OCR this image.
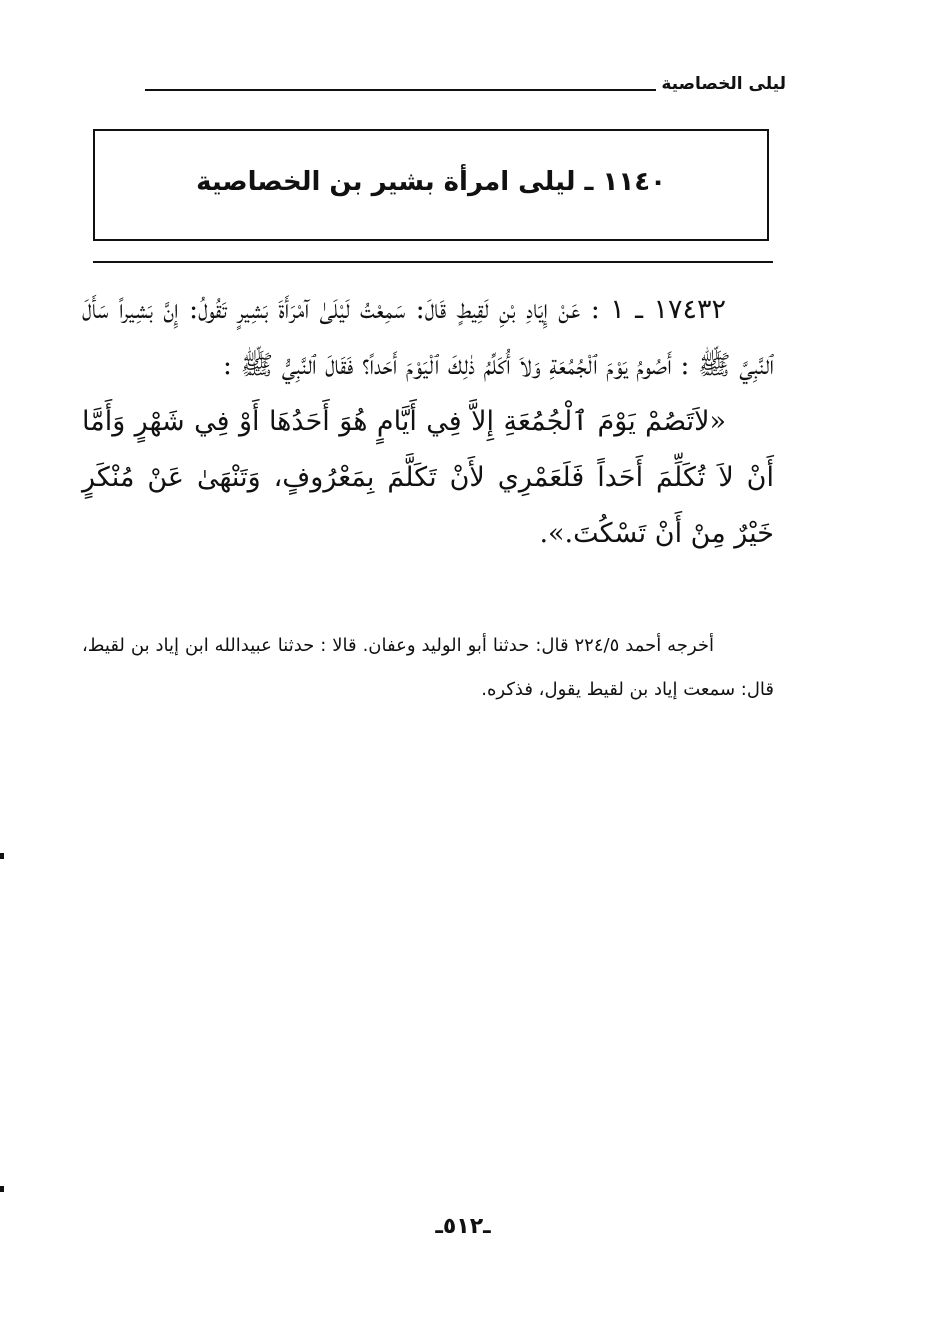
ليلى الخصاصية
١١٤٠ ـ ليلى امرأة بشير بن الخصاصية

١٧٤٣٢ ـ ١ : عَنْ إِيَادِ بْنِ لَقِيطٍ قَالَ: سَمِعْتُ لَيْلَىٰ آمْرَأَةَ بَشِيرٍ تَقُولُ: إِنَّ بَشِيراً سَأَلَ ٱلنَّبِيَّ ﷺ : أَصُومُ يَوْمَ ٱلْجُمُعَةِ وَلاَ أُكَلِّمُ ذٰلِكَ ٱلْيَوْمَ أَحَداً؟ فَقَالَ ٱلنَّبِيُّ ﷺ :

«لاَتَصُمْ يَوْمَ ٱلْجُمُعَةِ إِلاَّ فِي أَيَّامٍ هُوَ أَحَدُهَا أَوْ فِي شَهْرٍ وَأَمَّا أَنْ لاَ تُكَلِّمَ أَحَداً فَلَعَمْرِي لأَنْ تَكَلَّمَ بِمَعْرُوفٍ، وَتَنْهَىٰ عَنْ مُنْكَرٍ خَيْرٌ مِنْ أَنْ تَسْكُتَ.».

أخرجه أحمد ٢٢٤/٥ قال: حدثنا أبو الوليد وعفان. قالا : حدثنا عبيدالله ابن إياد بن لقيط، قال: سمعت إياد بن لقيط يقول، فذكره.

ـ٥١٢ـ
